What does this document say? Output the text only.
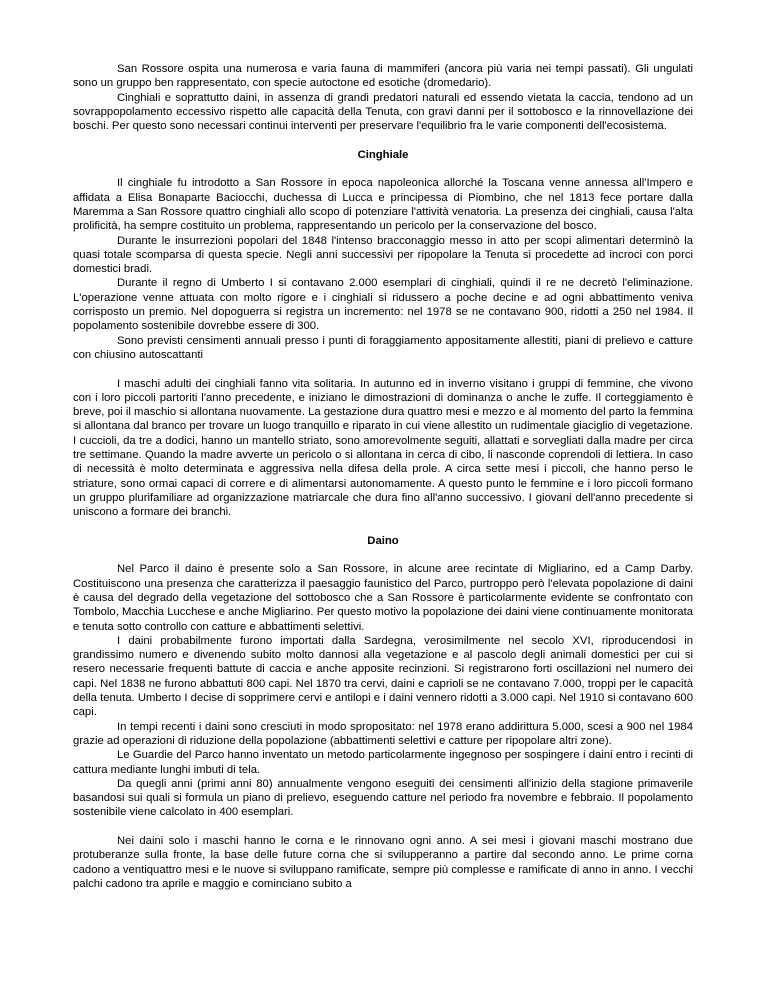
San Rossore ospita una numerosa e varia fauna di mammiferi (ancora più varia nei tempi passati). Gli ungulati sono un gruppo ben rappresentato, con specie autoctone ed esotiche (dromedario).

Cinghiali e soprattutto daini, in assenza di grandi predatori naturali ed essendo vietata la caccia, tendono ad un sovrappopolamento eccessivo rispetto alle capacità della Tenuta, con gravi danni per il sottobosco e la rinnovellazione dei boschi. Per questo sono necessari continui interventi per preservare l'equilibrio fra le varie componenti dell'ecosistema.

Cinghiale

Il cinghiale fu introdotto a San Rossore in epoca napoleonica allorché la Toscana venne annessa all'Impero e affidata a Elisa Bonaparte Baciocchi, duchessa di Lucca e principessa di Piombino, che nel 1813 fece portare dalla Maremma a San Rossore quattro cinghiali allo scopo di potenziare l'attività venatoria. La presenza dei cinghiali, causa l'alta prolificità, ha sempre costituito un problema, rappresentando un pericolo per la conservazione del bosco.

Durante le insurrezioni popolari del 1848 l'intenso bracconaggio messo in atto per scopi alimentari determinò la quasi totale scomparsa di questa specie. Negli anni successivi per ripopolare la Tenuta si procedette ad incroci con porci domestici bradi.

Durante il regno di Umberto I si contavano 2.000 esemplari di cinghiali, quindi il re ne decretò l'eliminazione. L'operazione venne attuata con molto rigore e i cinghiali si ridussero a poche decine e ad ogni abbattimento veniva corrisposto un premio. Nel dopoguerra si registra un incremento: nel 1978 se ne contavano 900, ridotti a 250 nel 1984. Il popolamento sostenibile dovrebbe essere di 300.

Sono previsti censimenti annuali presso i punti di foraggiamento appositamente allestiti, piani di prelievo e catture con chiusino autoscattanti

I maschi adulti dei cinghiali fanno vita solitaria. In autunno ed in inverno visitano i gruppi di femmine, che vivono con i loro piccoli partoriti l'anno precedente, e iniziano le dimostrazioni di dominanza o anche le zuffe. Il corteggiamento è breve, poi il maschio si allontana nuovamente. La gestazione dura quattro mesi e mezzo e al momento del parto la femmina si allontana dal branco per trovare un luogo tranquillo e riparato in cui viene allestito un rudimentale giaciglio di vegetazione. I cuccioli, da tre a dodici, hanno un mantello striato, sono amorevolmente seguiti, allattati e sorvegliati dalla madre per circa tre settimane. Quando la madre avverte un pericolo o si allontana in cerca di cibo, li nasconde coprendoli di lettiera. In caso di necessità è molto determinata e aggressiva nella difesa della prole. A circa sette mesi i piccoli, che hanno perso le striature, sono ormai capaci di correre e di alimentarsi autonomamente. A questo punto le femmine e i loro piccoli formano un gruppo plurifamiliare ad organizzazione matriarcale che dura fino all'anno successivo. I giovani dell'anno precedente si uniscono a formare dei branchi.

Daino

Nel Parco il daino è presente solo a San Rossore, in alcune aree recintate di Migliarino, ed a Camp Darby. Costituiscono una presenza che caratterizza il paesaggio faunistico del Parco, purtroppo però l'elevata popolazione di daini è causa del degrado della vegetazione del sottobosco che a San Rossore è particolarmente evidente se confrontato con Tombolo, Macchia Lucchese e anche Migliarino. Per questo motivo la popolazione dei daini viene continuamente monitorata e tenuta sotto controllo con catture e abbattimenti selettivi.

I daini probabilmente furono importati dalla Sardegna, verosimilmente nel secolo XVI, riproducendosi in grandissimo numero e divenendo subito molto dannosi alla vegetazione e al pascolo degli animali domestici per cui si resero necessarie frequenti battute di caccia e anche apposite recinzioni. Si registrarono forti oscillazioni nel numero dei capi. Nel 1838 ne furono abbattuti 800 capi. Nel 1870 tra cervi, daini e caprioli se ne contavano 7.000, troppi per le capacità della tenuta. Umberto I decise di sopprimere cervi e antilopi e i daini vennero ridotti a 3.000 capi. Nel 1910 si contavano 600 capi.

In tempi recenti i daini sono cresciuti in modo spropositato: nel 1978 erano addirittura 5.000, scesi a 900 nel 1984 grazie ad operazioni di riduzione della popolazione (abbattimenti selettivi e catture per ripopolare altri zone).

Le Guardie del Parco hanno inventato un metodo particolarmente ingegnoso per sospingere i daini entro i recinti di cattura mediante lunghi imbuti di tela.

Da quegli anni (primi anni 80) annualmente vengono eseguiti dei censimenti all'inizio della stagione primaverile basandosi sui quali si formula un piano di prelievo, eseguendo catture nel periodo fra novembre e febbraio. Il popolamento sostenibile viene calcolato in 400 esemplari.

Nei daini solo i maschi hanno le corna e le rinnovano ogni anno. A sei mesi i giovani maschi mostrano due protuberanze sulla fronte, la base delle future corna che si svilupperanno a partire dal secondo anno. Le prime corna cadono a ventiquattro mesi e le nuove si sviluppano ramificate, sempre più complesse e ramificate di anno in anno. I vecchi palchi cadono tra aprile e maggio e cominciano subito a
